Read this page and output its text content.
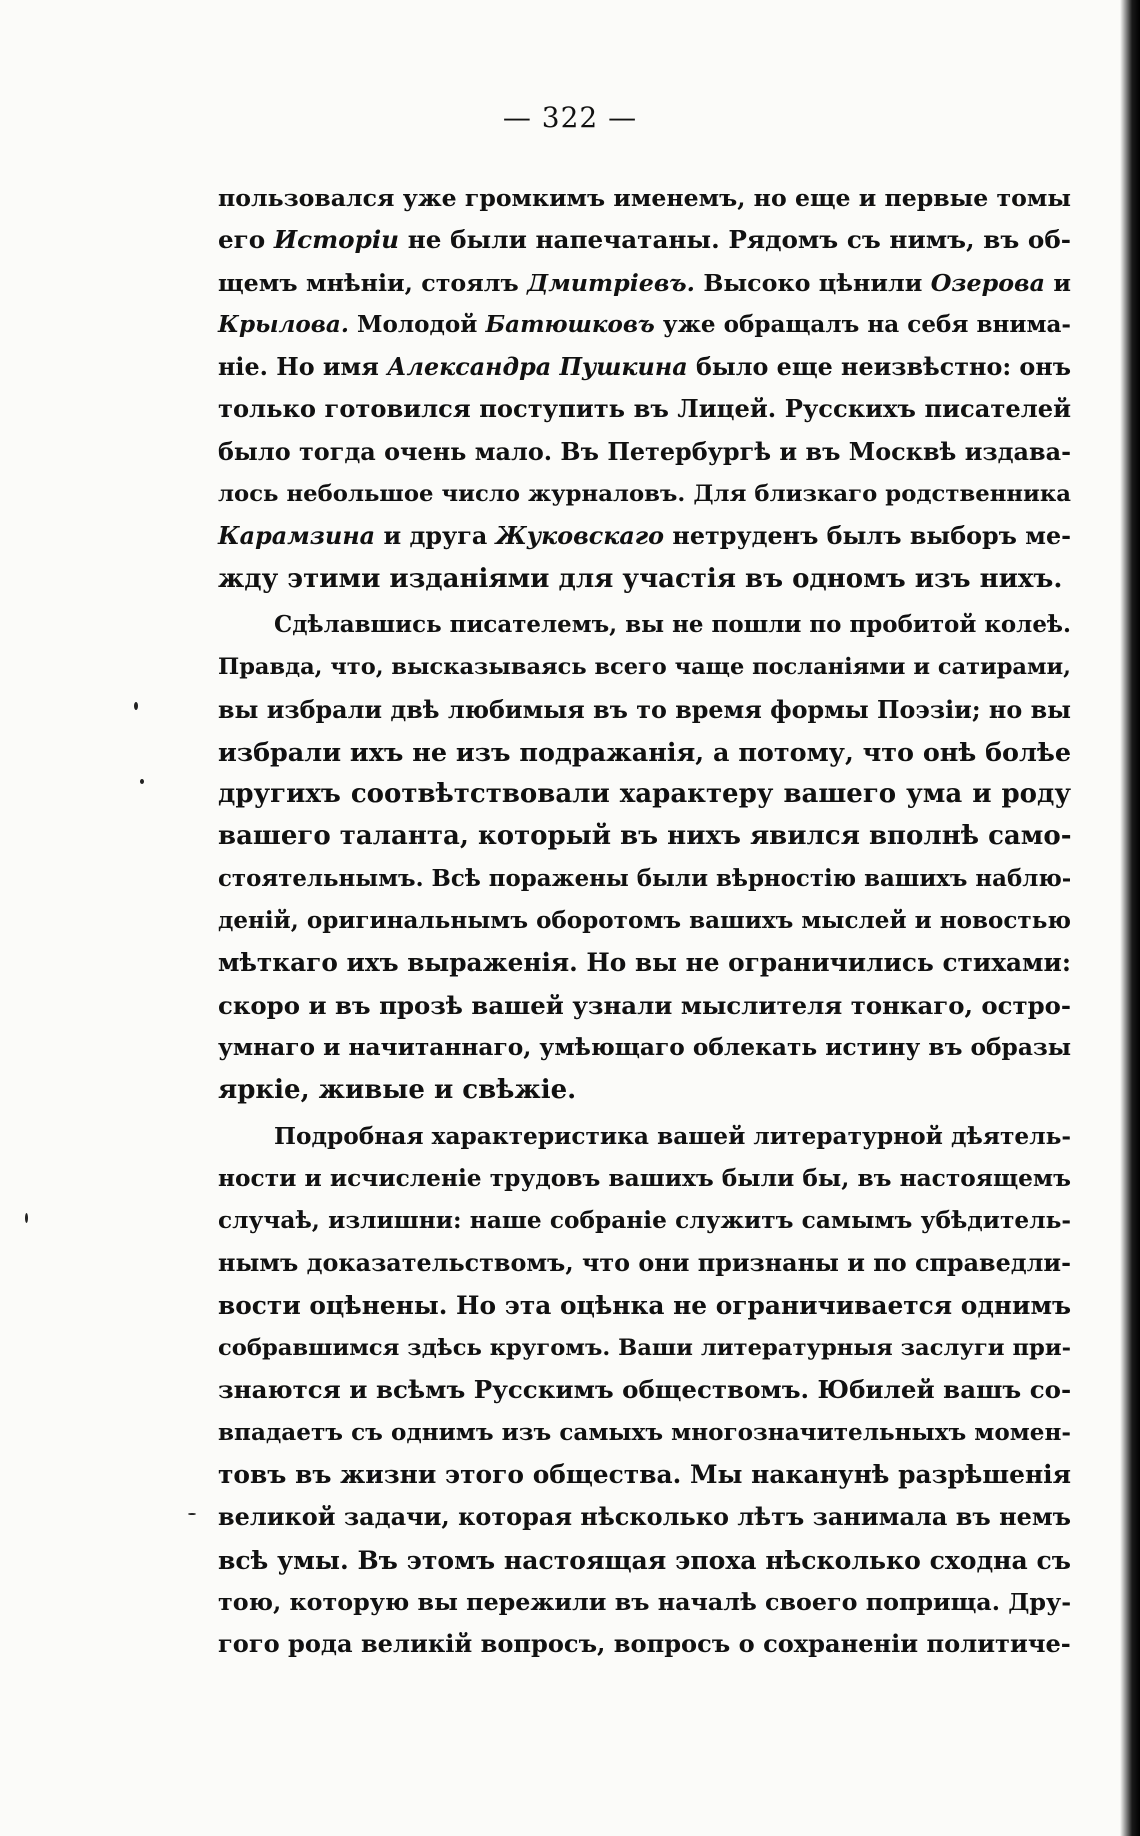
— 322 —
пользовался уже громкимъ именемъ, но еще и первые томы
его Исторіи не были напечатаны. Рядомъ съ нимъ, въ об-
щемъ мнѣніи, стоялъ Дмитріевъ. Высоко цѣнили Озерова и
Крылова. Молодой Батюшковъ уже обращалъ на себя внима-
ніе. Но имя Александра Пушкина было еще неизвѣстно: онъ
только готовился поступить въ Лицей. Русскихъ писателей
было тогда очень мало. Въ Петербургѣ и въ Москвѣ издава-
лось небольшое число журналовъ. Для близкаго родственника
Карамзина и друга Жуковскаго нетруденъ былъ выборъ ме-
жду этими изданіями для участія въ одномъ изъ нихъ.
Сдѣлавшись писателемъ, вы не пошли по пробитой колеѣ.
Правда, что, высказываясь всего чаще посланіями и сатирами,
вы избрали двѣ любимыя въ то время формы Поэзіи; но вы
избрали ихъ не изъ подражанія, а потому, что онѣ болѣе
другихъ соотвѣтствовали характеру вашего ума и роду
вашего таланта, который въ нихъ явился вполнѣ само-
стоятельнымъ. Всѣ поражены были вѣрностію вашихъ наблю-
деній, оригинальнымъ оборотомъ вашихъ мыслей и новостью
мѣткаго ихъ выраженія. Но вы не ограничились стихами:
скоро и въ прозѣ вашей узнали мыслителя тонкаго, остро-
умнаго и начитаннаго, умѣющаго облекать истину въ образы
яркіе, живые и свѣжіе.
Подробная характеристика вашей литературной дѣятель-
ности и исчисленіе трудовъ вашихъ были бы, въ настоящемъ
случаѣ, излишни: наше собраніе служитъ самымъ убѣдитель-
нымъ доказательствомъ, что они признаны и по справедли-
вости оцѣнены. Но эта оцѣнка не ограничивается однимъ
собравшимся здѣсь кругомъ. Ваши литературныя заслуги при-
знаются и всѣмъ Русскимъ обществомъ. Юбилей вашъ со-
впадаетъ съ однимъ изъ самыхъ многозначительныхъ момен-
товъ въ жизни этого общества. Мы наканунѣ разрѣшенія
великой задачи, которая нѣсколько лѣтъ занимала въ немъ
всѣ умы. Въ этомъ настоящая эпоха нѣсколько сходна съ
тою, которую вы пережили въ началѣ своего поприща. Дру-
гого рода великій вопросъ, вопросъ о сохраненіи политиче-
